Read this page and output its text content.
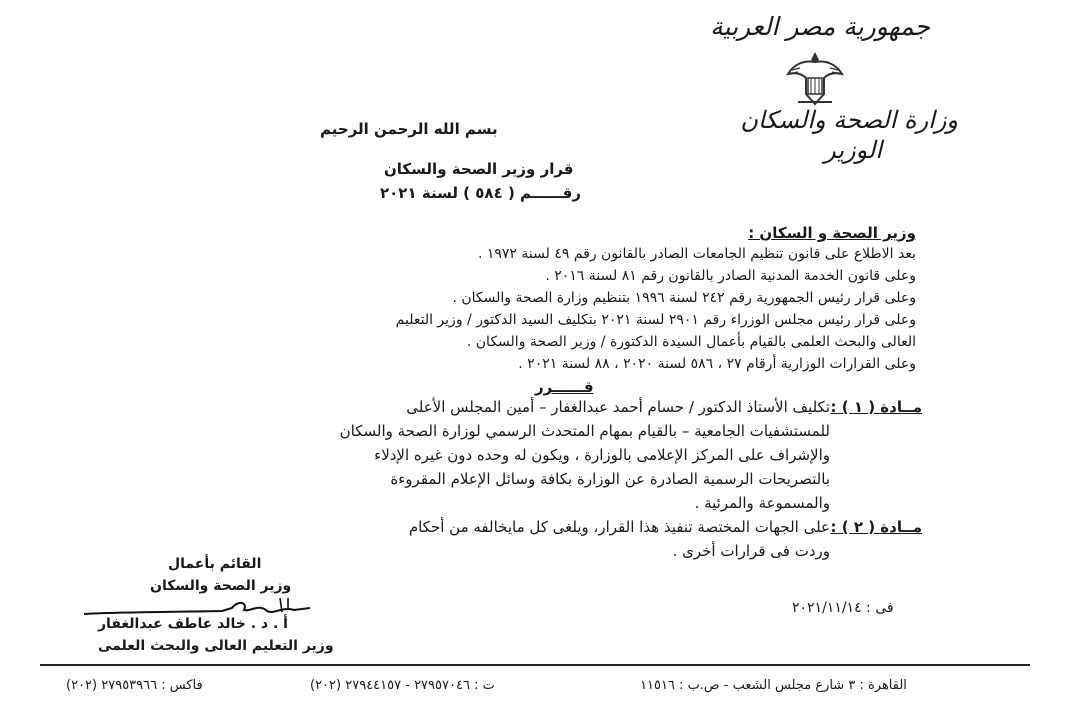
جمهورية مصر العربية
وزارة الصحة والسكان
الوزير
بسم الله الرحمن الرحيم
قرار وزير الصحة والسكان
رقــــــم ( ٥٨٤ ) لسنة ٢٠٢١
وزير الصحة و السكان :
بعد الاطلاع على قانون تنظيم الجامعات الصادر بالقانون رقم ٤٩ لسنة ١٩٧٢ .
وعلى قانون الخدمة المدنية الصادر بالقانون رقم ٨١ لسنة ٢٠١٦ .
وعلى قرار رئيس الجمهورية رقم ٢٤٢ لسنة ١٩٩٦ بتنظيم وزارة الصحة والسكان .
وعلى قرار رئيس مجلس الوزراء رقم ٢٩٠١ لسنة ٢٠٢١ بتكليف السيد الدكتور / وزير التعليم
العالى والبحث العلمى بالقيام بأعمال السيدة الدكتورة / وزير الصحة والسكان .
وعلى القرارات الوزارية أرقام ٢٧ ، ٥٨٦ لسنة ٢٠٢٠ ، ٨٨ لسنة ٢٠٢١ .
قــــــرر
مــادة ( ١ ) :
تكليف الأستاذ الدكتور / حسام أحمد عبدالغفار – أمين المجلس الأعلى
للمستشفيات الجامعية – بالقيام بمهام المتحدث الرسمي لوزارة الصحة والسكان
والإشراف على المركز الإعلامى بالوزارة ، ويكون له وحده دون غيره الإدلاء
بالتصريحات الرسمية الصادرة عن الوزارة بكافة وسائل الإعلام المقروءة
والمسموعة والمرئية .
مــادة ( ٢ ) :
على الجهات المختصة تنفيذ هذا القرار، ويلغى كل مايخالفه من أحكام
وردت فى قرارات أخرى .
القائم بأعمال
وزير الصحة والسكان
أ . د . خالد عاطف عبدالغفار
وزير التعليم العالى والبحث العلمى
فى : ٢٠٢١/١١/١٤
القاهرة : ٣ شارع مجلس الشعب - ص.ب : ١١٥١٦
ت : ٢٧٩٥٧٠٤٦ - ٢٧٩٤٤١٥٧ (٢٠٢)
فاكس : ٢٧٩٥٣٩٦٦ (٢٠٢)
